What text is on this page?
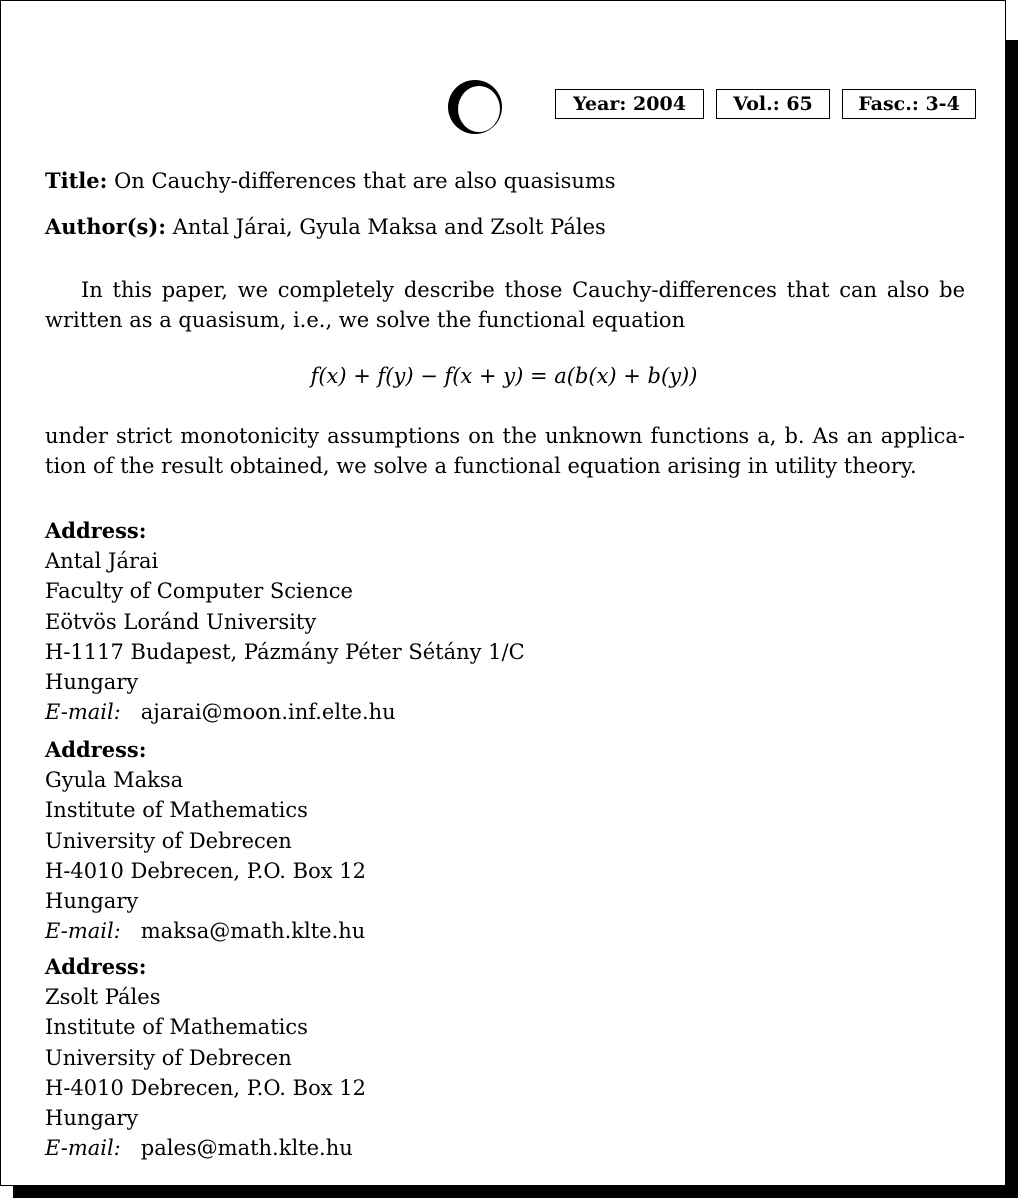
Year: 2004	Vol.: 65	Fasc.: 3-4
Title: On Cauchy-differences that are also quasisums
Author(s): Antal Járai, Gyula Maksa and Zsolt Páles
In this paper, we completely describe those Cauchy-differences that can also be
written as a quasisum, i.e., we solve the functional equation
f(x) + f(y) − f(x + y) = a(b(x) + b(y))
under strict monotonicity assumptions on the unknown functions a, b. As an applica-
tion of the result obtained, we solve a functional equation arising in utility theory.
Address:
Antal Járai
Faculty of Computer Science
Eötvös Loránd University
H-1117 Budapest, Pázmány Péter Sétány 1/C
Hungary
E-mail: ajarai@moon.inf.elte.hu
Address:
Gyula Maksa
Institute of Mathematics
University of Debrecen
H-4010 Debrecen, P.O. Box 12
Hungary
E-mail: maksa@math.klte.hu
Address:
Zsolt Páles
Institute of Mathematics
University of Debrecen
H-4010 Debrecen, P.O. Box 12
Hungary
E-mail: pales@math.klte.hu
